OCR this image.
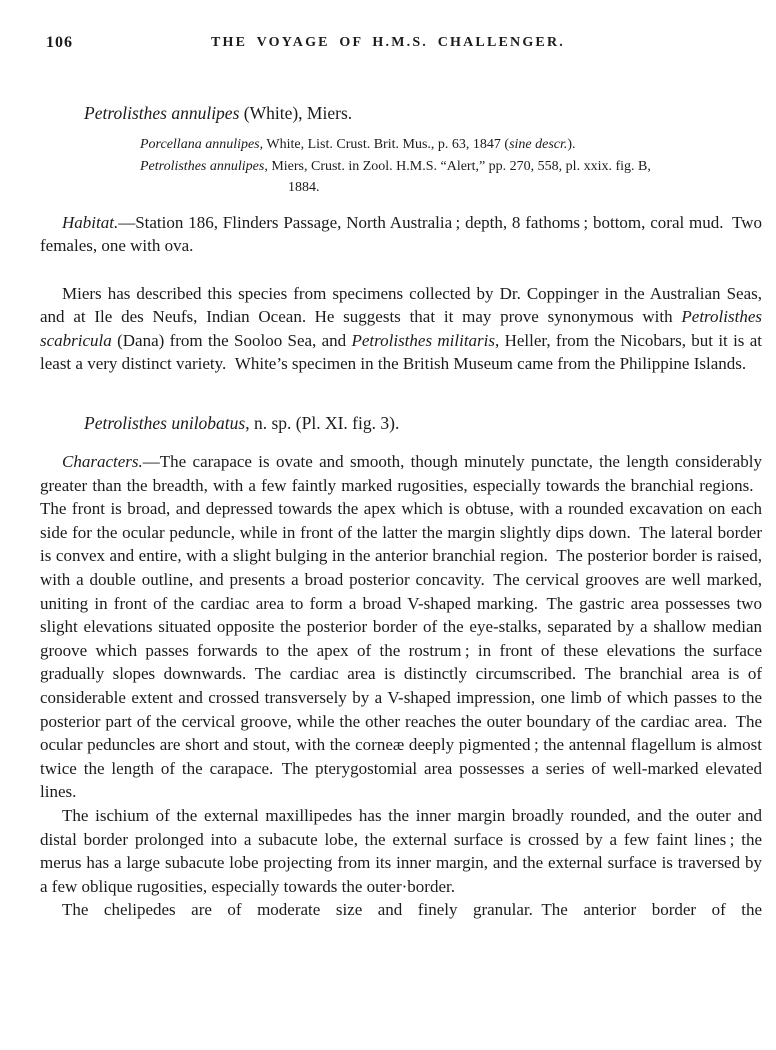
106	THE VOYAGE OF H.M.S. CHALLENGER.
Petrolisthes annulipes (White), Miers.

Porcellana annulipes, White, List. Crust. Brit. Mus., p. 63, 1847 (sine descr.).

Petrolisthes annulipes, Miers, Crust. in Zool. H.M.S. “Alert,” pp. 270, 558, pl. xxix. fig. B,
1884.

Habitat.—Station 186, Flinders Passage, North Australia ; depth, 8 fathoms ; bottom, coral mud. Two females, one with ova.

Miers has described this species from specimens collected by Dr. Coppinger in the Australian Seas, and at Ile des Neufs, Indian Ocean. He suggests that it may prove synonymous with Petrolisthes scabricula (Dana) from the Sooloo Sea, and Petrolisthes militaris, Heller, from the Nicobars, but it is at least a very distinct variety. White’s specimen in the British Museum came from the Philippine Islands.

Petrolisthes unilobatus, n. sp. (Pl. XI. fig. 3).

Characters.—The carapace is ovate and smooth, though minutely punctate, the length considerably greater than the breadth, with a few faintly marked rugosities, especially towards the branchial regions. The front is broad, and depressed towards the apex which is obtuse, with a rounded excavation on each side for the ocular peduncle, while in front of the latter the margin slightly dips down. The lateral border is convex and entire, with a slight bulging in the anterior branchial region. The posterior border is raised, with a double outline, and presents a broad posterior concavity. The cervical grooves are well marked, uniting in front of the cardiac area to form a broad V-shaped marking. The gastric area possesses two slight elevations situated opposite the posterior border of the eye-stalks, separated by a shallow median groove which passes forwards to the apex of the rostrum ; in front of these elevations the surface gradually slopes downwards. The cardiac area is distinctly circumscribed. The branchial area is of considerable extent and crossed transversely by a V-shaped impression, one limb of which passes to the posterior part of the cervical groove, while the other reaches the outer boundary of the cardiac area. The ocular peduncles are short and stout, with the corneæ deeply pigmented ; the antennal flagellum is almost twice the length of the carapace. The pterygostomial area possesses a series of well-marked elevated lines.

The ischium of the external maxillipedes has the inner margin broadly rounded, and the outer and distal border prolonged into a subacute lobe, the external surface is crossed by a few faint lines ; the merus has a large subacute lobe projecting from its inner margin, and the external surface is traversed by a few oblique rugosities, especially towards the outer·border.

The chelipedes are of moderate size and finely granular. The anterior border of the
